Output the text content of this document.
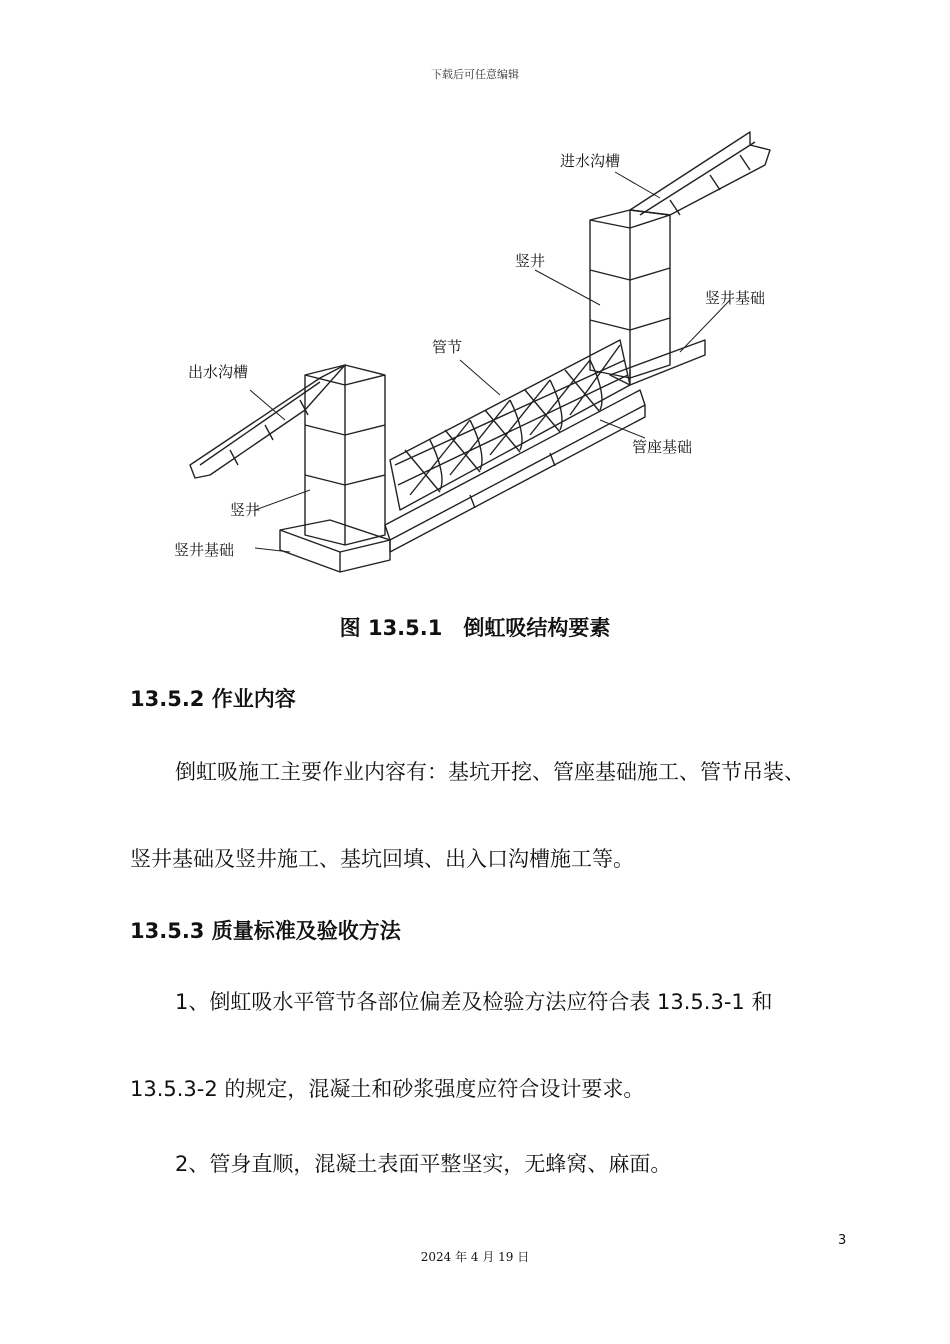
下载后可任意编辑
进水沟槽
竖井
竖井基础
管节
出水沟槽
管座基础
竖井
竖井基础
图 13.5.1　倒虹吸结构要素
13.5.2 作业内容
倒虹吸施工主要作业内容有：基坑开挖、管座基础施工、管节吊装、
竖井基础及竖井施工、基坑回填、出入口沟槽施工等。
13.5.3 质量标准及验收方法
1、倒虹吸水平管节各部位偏差及检验方法应符合表 13.5.3-1 和
13.5.3-2 的规定，混凝土和砂浆强度应符合设计要求。
2、管身直顺，混凝土表面平整坚实，无蜂窝、麻面。
3
2024 年 4 月 19 日
